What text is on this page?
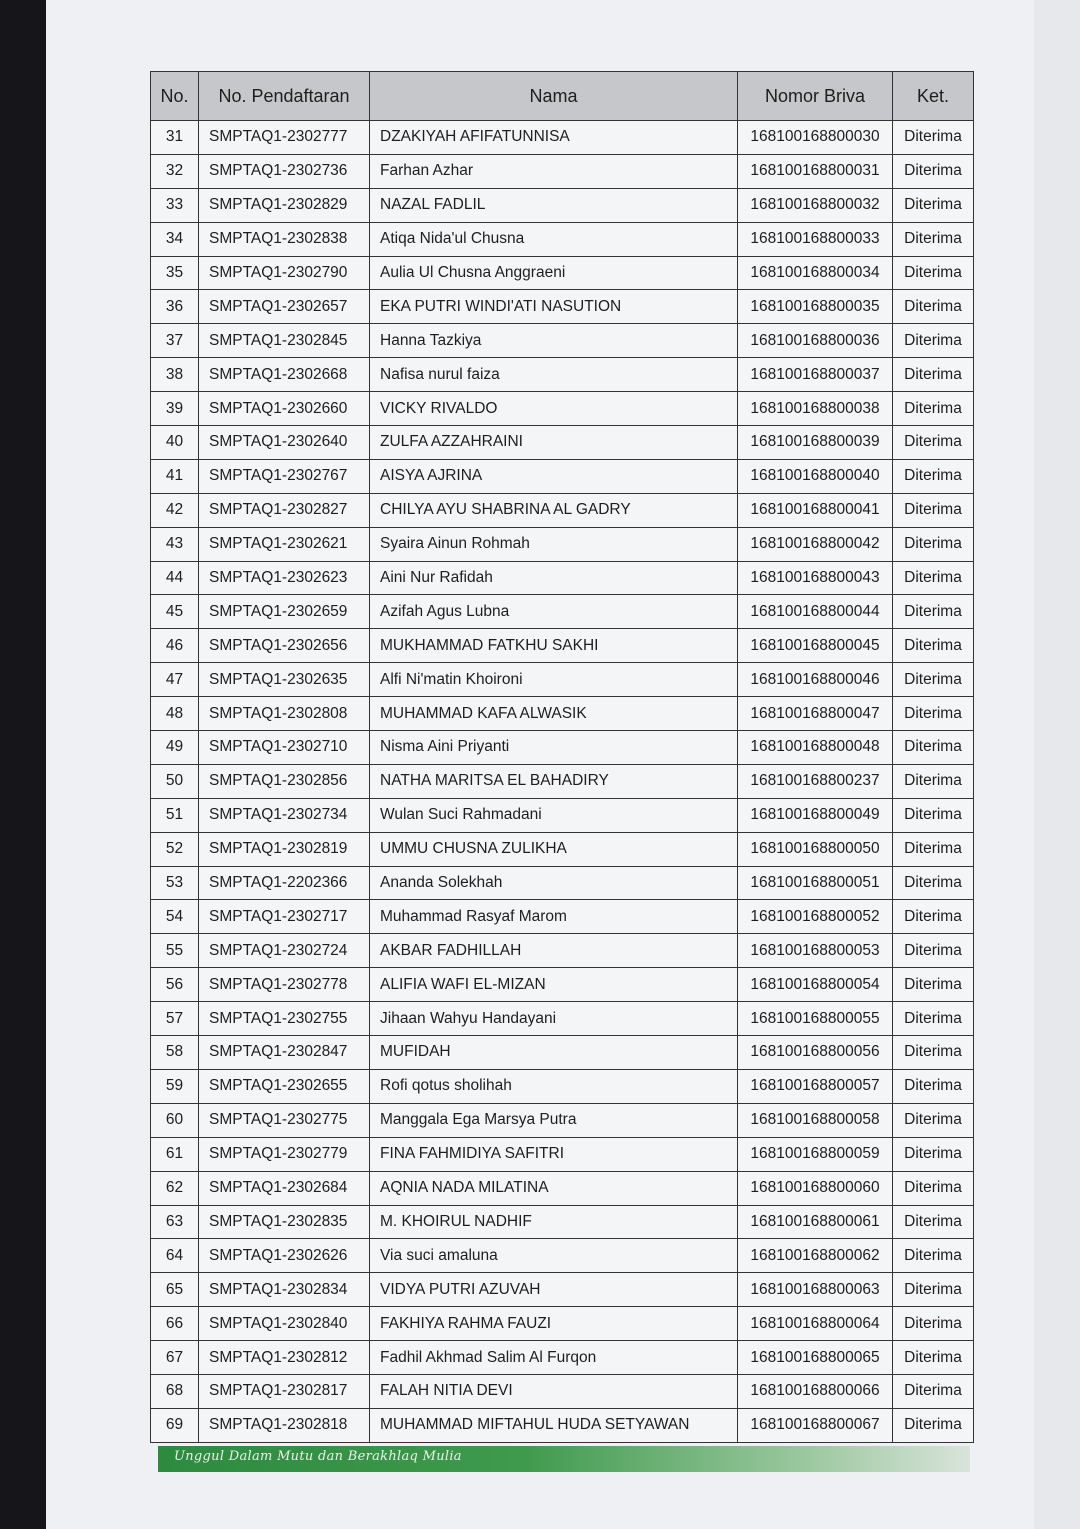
No.	No. Pendaftaran	Nama	Nomor Briva	Ket.
31	SMPTAQ1-2302777	DZAKIYAH AFIFATUNNISA	168100168800030	Diterima
32	SMPTAQ1-2302736	Farhan Azhar	168100168800031	Diterima
33	SMPTAQ1-2302829	NAZAL FADLIL	168100168800032	Diterima
34	SMPTAQ1-2302838	Atiqa Nida'ul Chusna	168100168800033	Diterima
35	SMPTAQ1-2302790	Aulia Ul Chusna Anggraeni	168100168800034	Diterima
36	SMPTAQ1-2302657	EKA PUTRI WINDI'ATI NASUTION	168100168800035	Diterima
37	SMPTAQ1-2302845	Hanna Tazkiya	168100168800036	Diterima
38	SMPTAQ1-2302668	Nafisa nurul faiza	168100168800037	Diterima
39	SMPTAQ1-2302660	VICKY RIVALDO	168100168800038	Diterima
40	SMPTAQ1-2302640	ZULFA AZZAHRAINI	168100168800039	Diterima
41	SMPTAQ1-2302767	AISYA AJRINA	168100168800040	Diterima
42	SMPTAQ1-2302827	CHILYA AYU SHABRINA AL GADRY	168100168800041	Diterima
43	SMPTAQ1-2302621	Syaira Ainun Rohmah	168100168800042	Diterima
44	SMPTAQ1-2302623	Aini Nur Rafidah	168100168800043	Diterima
45	SMPTAQ1-2302659	Azifah Agus Lubna	168100168800044	Diterima
46	SMPTAQ1-2302656	MUKHAMMAD FATKHU SAKHI	168100168800045	Diterima
47	SMPTAQ1-2302635	Alfi Ni'matin Khoironi	168100168800046	Diterima
48	SMPTAQ1-2302808	MUHAMMAD KAFA ALWASIK	168100168800047	Diterima
49	SMPTAQ1-2302710	Nisma Aini Priyanti	168100168800048	Diterima
50	SMPTAQ1-2302856	NATHA MARITSA EL BAHADIRY	168100168800237	Diterima
51	SMPTAQ1-2302734	Wulan Suci Rahmadani	168100168800049	Diterima
52	SMPTAQ1-2302819	UMMU CHUSNA ZULIKHA	168100168800050	Diterima
53	SMPTAQ1-2202366	Ananda Solekhah	168100168800051	Diterima
54	SMPTAQ1-2302717	Muhammad Rasyaf Marom	168100168800052	Diterima
55	SMPTAQ1-2302724	AKBAR FADHILLAH	168100168800053	Diterima
56	SMPTAQ1-2302778	ALIFIA WAFI EL-MIZAN	168100168800054	Diterima
57	SMPTAQ1-2302755	Jihaan Wahyu Handayani	168100168800055	Diterima
58	SMPTAQ1-2302847	MUFIDAH	168100168800056	Diterima
59	SMPTAQ1-2302655	Rofi qotus sholihah	168100168800057	Diterima
60	SMPTAQ1-2302775	Manggala Ega Marsya Putra	168100168800058	Diterima
61	SMPTAQ1-2302779	FINA FAHMIDIYA SAFITRI	168100168800059	Diterima
62	SMPTAQ1-2302684	AQNIA NADA MILATINA	168100168800060	Diterima
63	SMPTAQ1-2302835	M. KHOIRUL NADHIF	168100168800061	Diterima
64	SMPTAQ1-2302626	Via suci amaluna	168100168800062	Diterima
65	SMPTAQ1-2302834	VIDYA PUTRI AZUVAH	168100168800063	Diterima
66	SMPTAQ1-2302840	FAKHIYA RAHMA FAUZI	168100168800064	Diterima
67	SMPTAQ1-2302812	Fadhil Akhmad Salim Al Furqon	168100168800065	Diterima
68	SMPTAQ1-2302817	FALAH NITIA DEVI	168100168800066	Diterima
69	SMPTAQ1-2302818	MUHAMMAD MIFTAHUL HUDA SETYAWAN	168100168800067	Diterima
Unggul Dalam Mutu dan Berakhlaq Mulia
